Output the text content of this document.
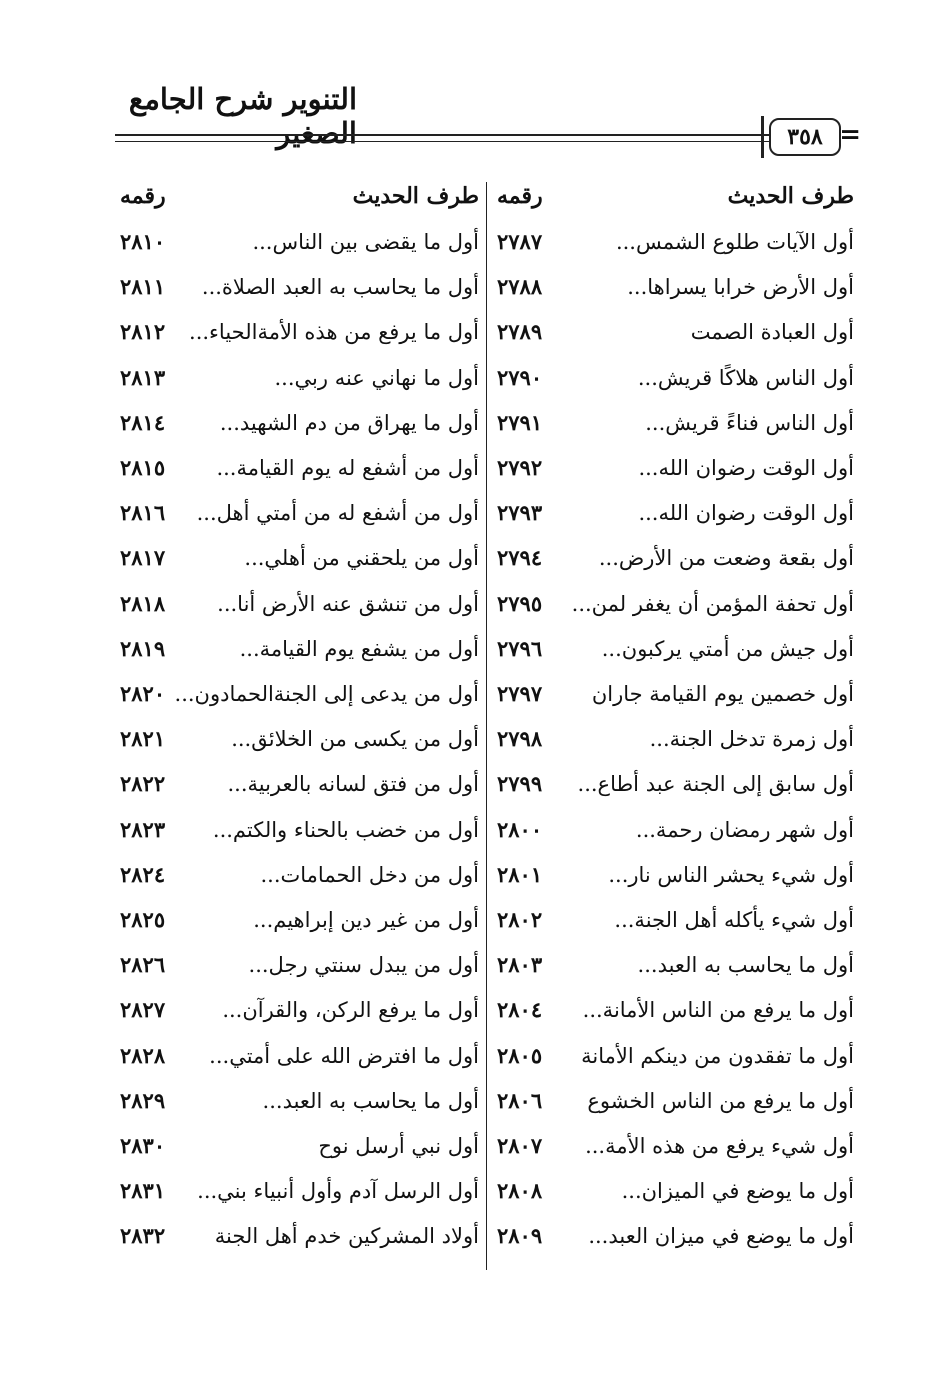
التنوير شرح الجامع الصغير	=
٣٥٨
طرف الحديث
رقمه
طرف الحديث
رقمه
أول الآيات طلوع الشمس...
٢٧٨٧
أول ما يقضى بين الناس...
٢٨١٠
أول الأرض خرابا يسراها...
٢٧٨٨
أول ما يحاسب به العبد الصلاة...
٢٨١١
أول العبادة الصمت
٢٧٨٩
أول ما يرفع من هذه الأمةالحياء...
٢٨١٢
أول الناس هلاكًا قريش...
٢٧٩٠
أول ما نهاني عنه ربي...
٢٨١٣
أول الناس فناءً قريش...
٢٧٩١
أول ما يهراق من دم الشهيد...
٢٨١٤
أول الوقت رضوان الله...
٢٧٩٢
أول من أشفع له يوم القيامة...
٢٨١٥
أول الوقت رضوان الله...
٢٧٩٣
أول من أشفع له من أمتي أهل...
٢٨١٦
أول بقعة وضعت من الأرض...
٢٧٩٤
أول من يلحقني من أهلي...
٢٨١٧
أول تحفة المؤمن أن يغفر لمن...
٢٧٩٥
أول من تنشق عنه الأرض أنا...
٢٨١٨
أول جيش من أمتي يركبون...
٢٧٩٦
أول من يشفع يوم القيامة...
٢٨١٩
أول خصمين يوم القيامة جاران
٢٧٩٧
أول من يدعى إلى الجنةالحمادون...
٢٨٢٠
أول زمرة تدخل الجنة...
٢٧٩٨
أول من يكسى من الخلائق...
٢٨٢١
أول سابق إلى الجنة عبد أطاع...
٢٧٩٩
أول من فتق لسانه بالعربية...
٢٨٢٢
أول شهر رمضان رحمة...
٢٨٠٠
أول من خضب بالحناء والكتم...
٢٨٢٣
أول شيء يحشر الناس نار...
٢٨٠١
أول من دخل الحمامات...
٢٨٢٤
أول شيء يأكله أهل الجنة...
٢٨٠٢
أول من غير دين إبراهيم...
٢٨٢٥
أول ما يحاسب به العبد...
٢٨٠٣
أول من يبدل سنتي رجل...
٢٨٢٦
أول ما يرفع من الناس الأمانة...
٢٨٠٤
أول ما يرفع الركن، والقرآن...
٢٨٢٧
أول ما تفقدون من دينكم الأمانة
٢٨٠٥
أول ما افترض الله على أمتي...
٢٨٢٨
أول ما يرفع من الناس الخشوع
٢٨٠٦
أول ما يحاسب به العبد...
٢٨٢٩
أول شيء يرفع من هذه الأمة...
٢٨٠٧
أول نبي أرسل نوح
٢٨٣٠
أول ما يوضع في الميزان...
٢٨٠٨
أول الرسل آدم وأول أنبياء بني...
٢٨٣١
أول ما يوضع في ميزان العبد...
٢٨٠٩
أولاد المشركين خدم أهل الجنة
٢٨٣٢
